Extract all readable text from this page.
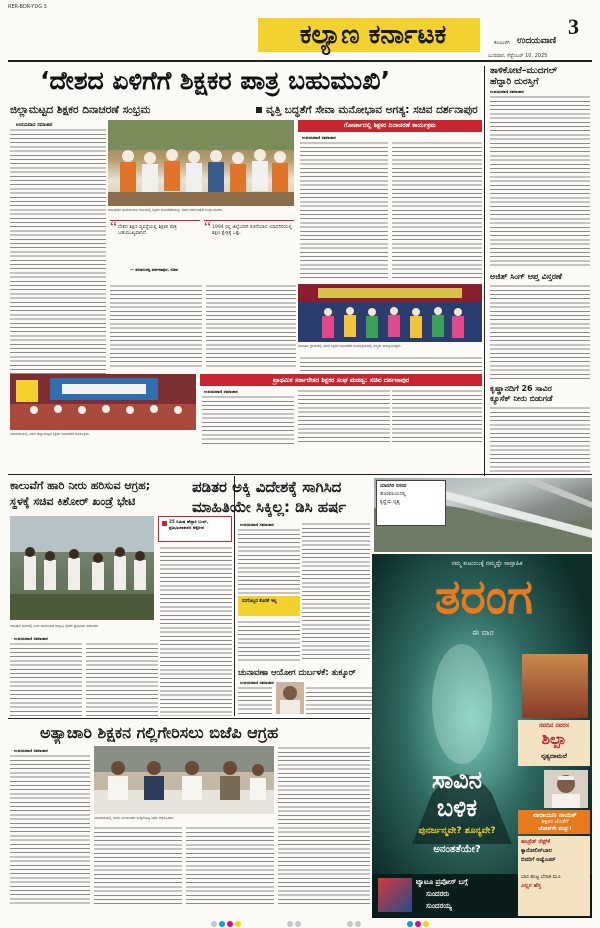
RER-BDR-YDG 3
ಕಲ್ಯಾಣ ಕರ್ನಾಟಕ	3
ಕಲಬುರಗಿ ಉದಯವಾಣಿ
ಬುಧವಾರ, ಸೆಪ್ಟೆಂಬರ್ 10, 2025
‘ದೇಶದ ಏಳಿಗೆಗೆ ಶಿಕ್ಷಕರ ಪಾತ್ರ ಬಹುಮುಖಿ’
ಜಿಲ್ಲಾಮಟ್ಟದ ಶಿಕ್ಷಕರ ದಿನಾಚರಣೆ ಸಂಭ್ರಮ	ವೃತ್ತಿ ಬದ್ಧತೆಗೆ ಸೇವಾ ಮನೋಭಾವ ಅಗತ್ಯ: ಸಚಿವ ದರ್ಶನಾಪುರ
ತಾಳಿಕೋಟೆ–ಮುದಗಲ್
ಹೆದ್ದಾರಿ ದುರಸ್ತಿಗೆ
ಉದಯವಾಣಿ ಸಮಾಚಾರ
ಅಜಿತ್ ಸಿಂಗ್ ಆಪ್ತ ವಿಸ್ತರಣೆ
ಕೃಷ್ಣಾನದಿಗೆ 26 ಸಾವಿರ
ಕ್ಯೂಸೆಕ್ ನೀರು ಬಿಡುಗಡೆ
ಉದಯವಾಣಿ ಸಮಾಚಾರ
ಶಹಾಪುರದ ಭೀಮರಾಯನ ಗುಡಿಯಲ್ಲಿ ಶಿಕ್ಷಕರ ದಿನಾಚರಣೆಯನ್ನು ಸಚಿವ ದರ್ಶನಾಪುರ ಉದ್ಘಾಟಿಸಿದರು.
“ ದೇಶದ ಶಿಕ್ಷಣ ವ್ಯವಸ್ಥೆಯಲ್ಲಿ ಶಿಕ್ಷಕರ ಪಾತ್ರ ಬಹುಮುಖ್ಯವಾಗಿದೆ.
— ಶರಣಬಸಪ್ಪ ದರ್ಶನಾಪುರ, ಸಚಿವ
“ 1994 ರಲ್ಲಿ ಜಿಲ್ಲೆಯಾಗಿ ರಚನೆಯಾದ ಯಾದಗಿರಿಯಲ್ಲಿ ಶಿಕ್ಷಣ ಕ್ಷೇತ್ರಕ್ಕೆ ಒತ್ತು.
ಗೋರ್ಟಾದಲ್ಲಿ ಶಿಕ್ಷಕರ ದಿನಾಚರಣೆ ಕಾರ್ಯಕ್ರಮ
ಉದಯವಾಣಿ ಸಮಾಚಾರ
ಗೋರ್ಟಾ ಗ್ರಾಮದಲ್ಲಿ ನಡೆದ ಶಿಕ್ಷಕರ ದಿನಾಚರಣೆ ಕಾರ್ಯಕ್ರಮದಲ್ಲಿ ಗಣ್ಯರು ಪಾಲ್ಗೊಂಡಿದ್ದರು.
ಪ್ರಾಥಮಿಕ ಸರ್ಕಾರೇತರ ಶಿಕ್ಷಕರ ಸಂಘ ಮಹತ್ವ: ಸಚಿವ ದರ್ಶನಾಪುರ
ಯಾದಗಿರಿಯಲ್ಲಿ ನಡೆದ ಜಿಲ್ಲಾಮಟ್ಟದ ಶಿಕ್ಷಕರ ದಿನಾಚರಣೆ ಕಾರ್ಯಕ್ರಮ.
ಉದಯವಾಣಿ ಸಮಾಚಾರ
ಕಾಲುವೆಗೆ ಹಾರಿ ನೀರು ಹರಿಸುವ ಆಗ್ರಹ;
ಸ್ಥಳಕ್ಕೆ ಸಚಿವ ಕಿಶೋರ್ ಖಂಡ್ರೆ ಭೇಟಿ
25 ನಿಮಿಷ ಹೆದ್ದಾರಿ ಬಂದ್, ಪ್ರತಿಭಟನಾಕಾರರ ಆಕ್ರೋಶ
ಉದಯವಾಣಿ ಸಮಾಚಾರ
ಶಹಾಪುರ ಭಾಗದಲ್ಲಿ ನೀರು ಹರಿಸುವಂತೆ ಆಗ್ರಹಿಸಿ ರೈತರು ಪ್ರತಿಭಟನೆ ನಡೆಸಿದರು.
ಪಡಿತರ ಅಕ್ಕಿ ವಿದೇಶಕ್ಕೆ ಸಾಗಿಸಿದ
ಮಾಹಿತಿಯೇ ಸಿಕ್ಕಿಲ್ಲ: ಡಿಸಿ ಹರ್ಷ
ಉದಯವಾಣಿ ಸಮಾಚಾರ
ರಸಗೊಬ್ಬರ ಕೊರತೆ ಇಲ್ಲ
ಚುನಾವಣಾ ಆಯೋಗ ದುರ್ಬಳಕೆ: ತುಕ್ಕೂರ್
ಉದಯವಾಣಿ ಸಮಾಚಾರ
ಯಾದಗಿರಿ ನಗರದ
ಹೊರವಲಯದಲ್ಲಿ
ಕೃಷ್ಣೆಯ ದೃಶ್ಯ
ನಮ್ಮ ಕುಟುಂಬಕ್ಕೆ ನಮ್ಮದ್ದೇ ಸಾಪ್ತಾಹಿಕ
ತರಂಗ
ಈ ವಾರ
ನವದಿನ ನವರಸ
ಶಿಲ್ಪಾ
ನೃತ್ಯದಾಮಲೆ
ಸಾವಿನ
ಬಳಿಕ
ಪುನರ್ಜನ್ಮವೇ? ಶೂನ್ಯವೇ?
ಅನಂತತೆಯೇ?
ನಾರಾಯಣ ನಾಯಕ್
ಶಿಕ್ಷಕರ ಜೊತೆಗೆ
ಜೋಕ್‌ಗೇ ಮನ್ನು!
ಹಂಡ್ರೆಡ್ ರೆಫ್ಸ್‌ಕೆ
ಕ್ಯಾರೋಲಿನ್‌ಬಾಲ
ಬಿದರಿಗೆ ಅಡ್ವೆಂಚರ್
ಬಾರ ಹುಟ್ಟ ಬೆನಾಕ ಮೂ
ಎಲ್ಲರ ಹೆಸ್ತ
ಟ್ಯಾಟೂ ಪ್ರಪೋಸ್ ಬಗ್ಗೆ
ಸುಂದರರು
ಸುಂದರಯ್ಯ
ಅತ್ಯಾಚಾರಿ ಶಿಕ್ಷಕನ ಗಲ್ಲಿಗೇರಿಸಲು ಬಿಜೆಪಿ ಆಗ್ರಹ
ಉದಯವಾಣಿ ಸಮಾಚಾರ
ಯಾದಗಿರಿಯಲ್ಲಿ ಬಿಜೆಪಿ ಮುಖಂಡರು ಸುದ್ದಿಗೋಷ್ಠಿ ನಡೆಸಿ ಆಗ್ರಹಿಸಿದರು.
